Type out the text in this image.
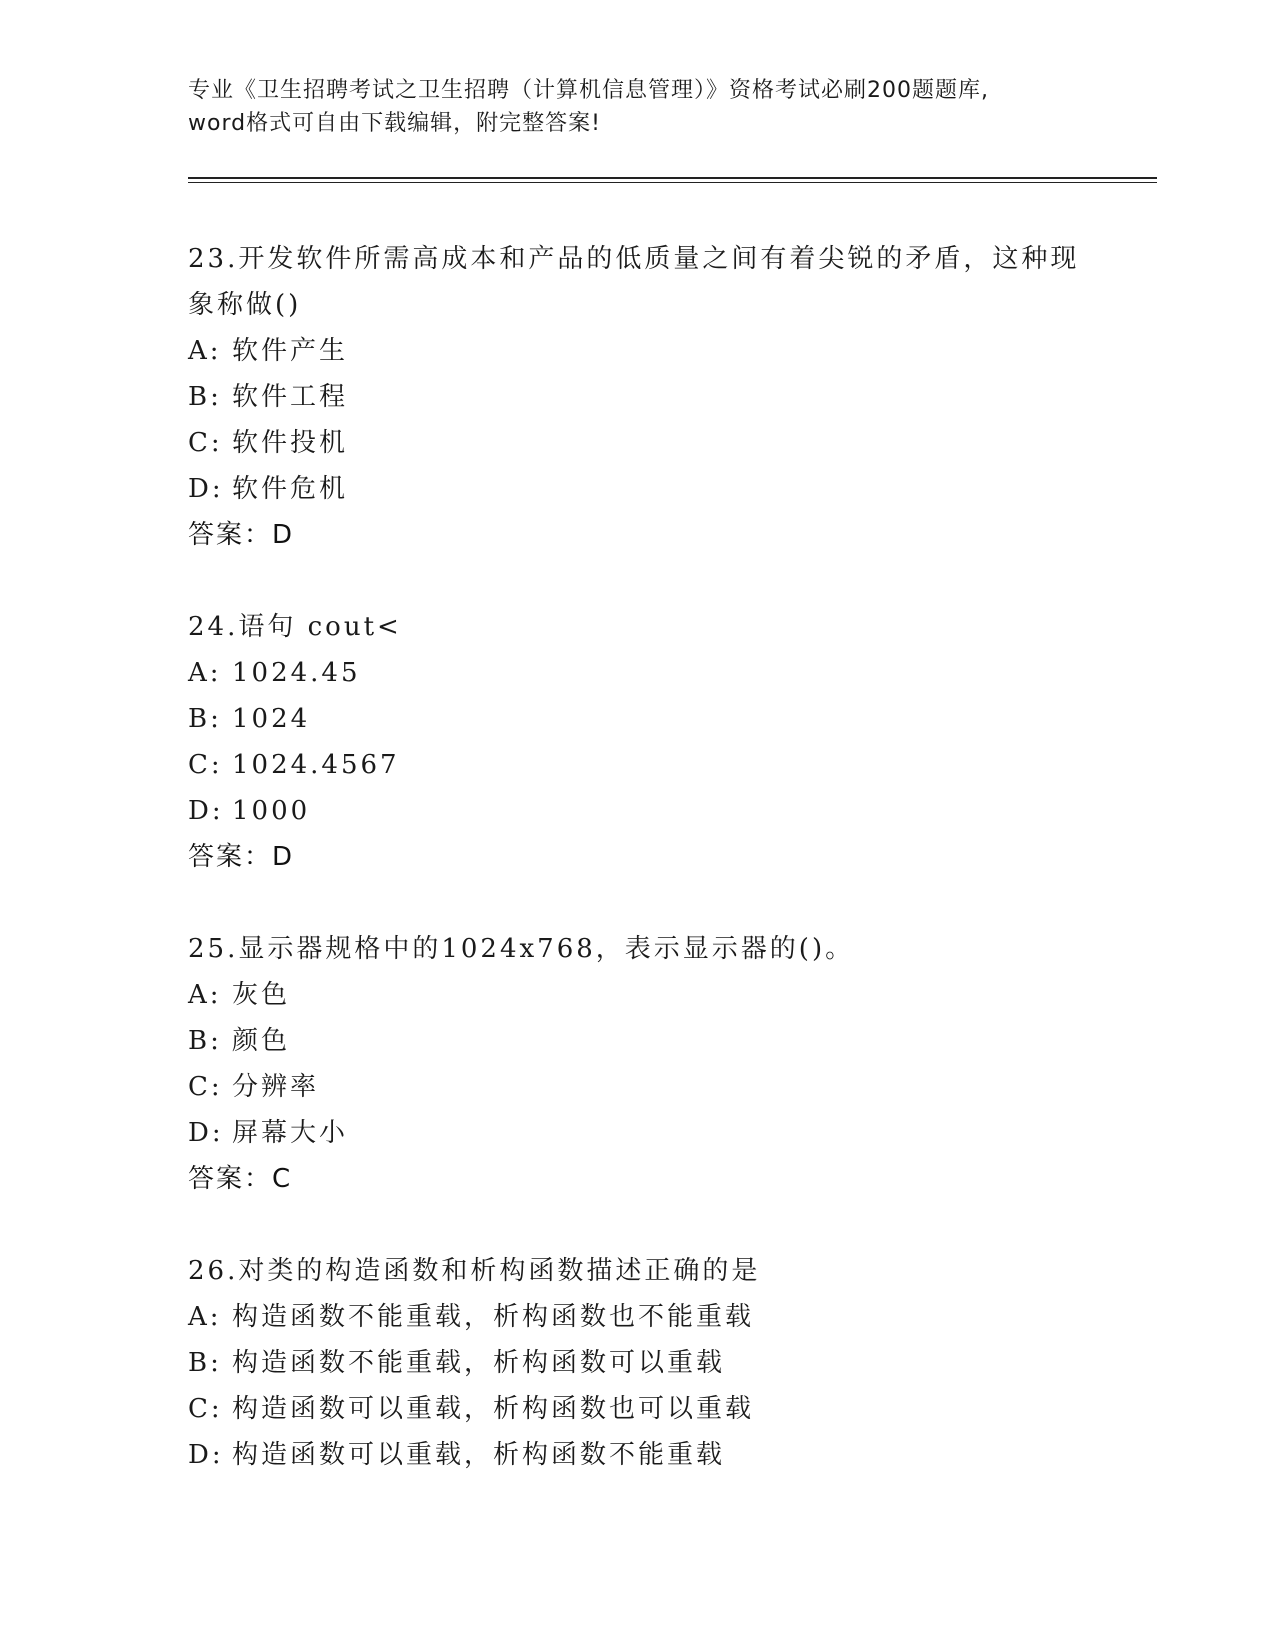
专业《卫生招聘考试之卫生招聘（计算机信息管理）》资格考试必刷200题题库,
word格式可自由下载编辑，附完整答案!
23.开发软件所需高成本和产品的低质量之间有着尖锐的矛盾，这种现象称做()
A: 软件产生
B: 软件工程
C: 软件投机
D: 软件危机
答案：D
24.语句 cout<
A: 1024.45
B: 1024
C: 1024.4567
D: 1000
答案：D
25.显示器规格中的1024x768，表示显示器的()。
A: 灰色
B: 颜色
C: 分辨率
D: 屏幕大小
答案：C
26.对类的构造函数和析构函数描述正确的是
A: 构造函数不能重载，析构函数也不能重载
B: 构造函数不能重载，析构函数可以重载
C: 构造函数可以重载，析构函数也可以重载
D: 构造函数可以重载，析构函数不能重载
